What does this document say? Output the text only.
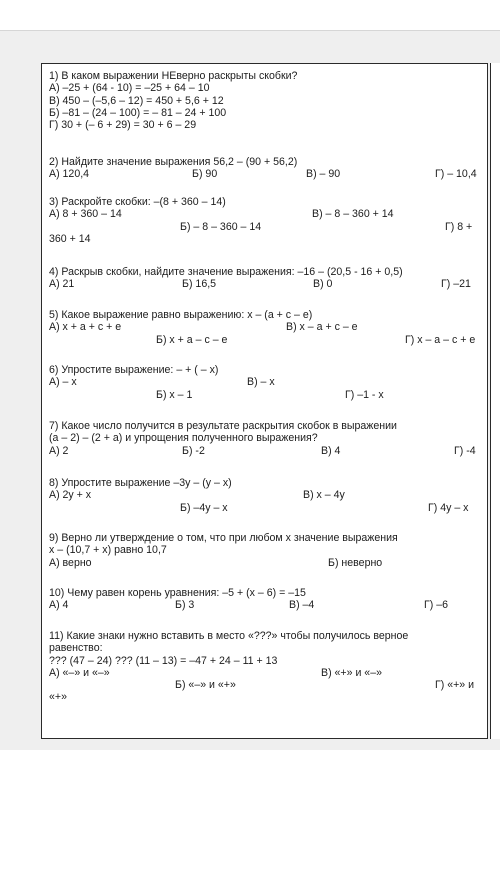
1) В каком выражении НЕверно раскрыты скобки?
А) –25 + (64 - 10) = –25 + 64 – 10
В) 450 – (–5,6 – 12) = 450 + 5,6 + 12
Б) –81 – (24 – 100) = – 81 – 24 + 100
Г) 30 + (– 6 + 29) = 30 + 6 – 29
2) Найдите значение выражения 56,2 – (90 + 56,2)
А) 120,4	Б) 90	В) – 90	Г) – 10,4
3) Раскройте скобки: –(8 + 360 – 14)
А) 8 + 360 – 14	В) – 8 – 360 + 14
Б) – 8 – 360 – 14	Г) 8 +
360 + 14
4) Раскрыв скобки, найдите значение выражения: –16 – (20,5 - 16 + 0,5)
А) 21	Б) 16,5	В) 0	Г) –21
5) Какое выражение равно выражению: x – (a + c – e)
А) x + a + c + e	В) x – a + c – e
Б) x + a – c – e	Г) x – a – c + e
6) Упростите выражение: – + ( – x)
А) – x	В) – x
Б) x – 1	Г) –1 - x
7) Какое число получится в результате раскрытия скобок в выражении
(а – 2) – (2 + а) и упрощения полученного выражения?
А) 2	Б) -2	В) 4	Г) -4
8) Упростите выражение –3y – (y – x)
А) 2y + x	В) x – 4y
Б) –4y – x	Г) 4y – x
9) Верно ли утверждение о том, что при любом х значение выражения
х – (10,7 + х) равно 10,7
А) верно	Б) неверно
10) Чему равен корень уравнения: –5 + (x – 6) = –15
А) 4	Б) 3	В) –4	Г) –6
11) Какие знаки нужно вставить в место «???» чтобы получилось верное
равенство:
??? (47 – 24) ??? (11 – 13) = –47 + 24 – 11 + 13
А) «–» и «–»	В) «+» и «–»
Б) «–» и «+»	Г) «+» и
«+»
